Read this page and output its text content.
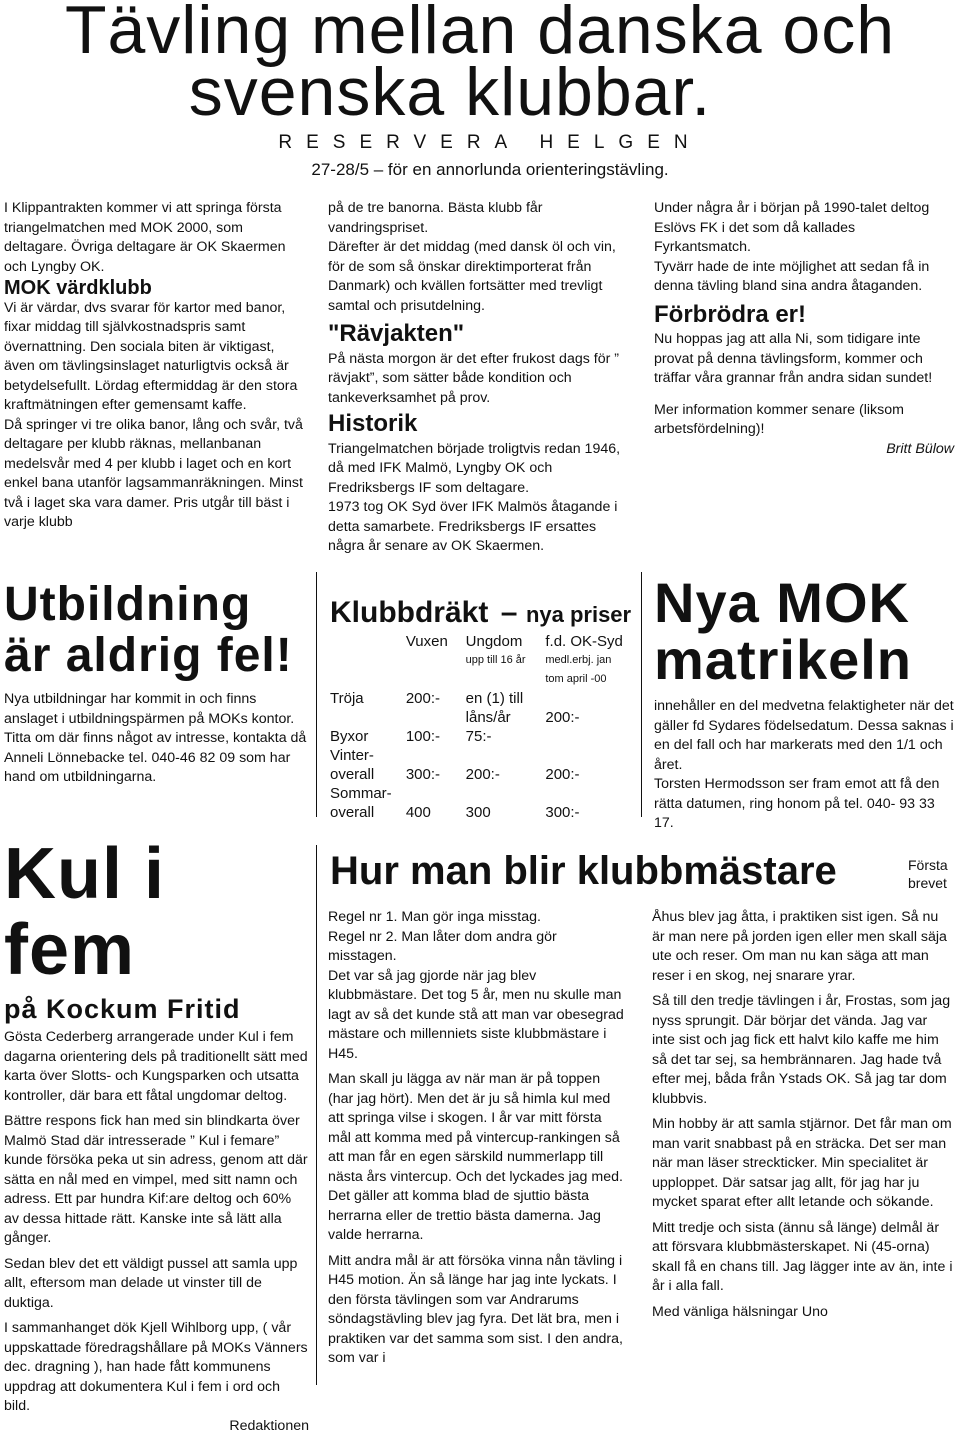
Tävling mellan danska och
svenska klubbar.
RESERVERA HELGEN
27-28/5 – för en annorlunda orienteringstävling.

I Klippantrakten kommer vi att springa första triangelmatchen med MOK 2000, som deltagare. Övriga deltagare är OK Skaermen och Lyngby OK.

MOK värdklubb

Vi är värdar, dvs svarar för kartor med banor, fixar middag till självkostnadspris samt övernattning. Den sociala biten är viktigast, även om tävlingsinslaget naturligtvis också är betydelsefullt. Lördag eftermiddag är den stora kraftmätningen efter gemensamt kaffe.

Då springer vi tre olika banor, lång och svår, två deltagare per klubb räknas, mellanbanan medelsvår med 4 per klubb i laget och en kort enkel bana utanför lagsammanräkningen. Minst två i laget ska vara damer. Pris utgår till bäst i varje klubb

på de tre banorna. Bästa klubb får vandringspriset.

Därefter är det middag (med dansk öl och vin, för de som så önskar direktimporterat från Danmark) och kvällen fortsätter med trevligt samtal och prisutdelning.

"Rävjakten"

På nästa morgon är det efter frukost dags för ” rävjakt”, som sätter både kondition och tankeverksamhet på prov.

Historik

Triangelmatchen började troligtvis redan 1946, då med IFK Malmö, Lyngby OK och Fredriksbergs IF som deltagare.

1973 tog OK Syd över IFK Malmös åtagande i detta samarbete. Fredriksbergs IF ersattes några år senare av OK Skaermen.

Under några år i början på 1990-talet deltog Eslövs FK i det som då kallades Fyrkantsmatch.

Tyvärr hade de inte möjlighet att sedan få in denna tävling bland sina andra åtaganden.

Förbrödra er!

Nu hoppas jag att alla Ni, som tidigare inte provat på denna tävlingsform, kommer och träffar våra grannar från andra sidan sundet!

Mer information kommer senare (liksom arbetsfördelning)!

Britt Bülow
Utbildning
är aldrig fel!

Nya utbildningar har kommit in och finns anslaget i utbildningspärmen på MOKs kontor.

Titta om där finns något av intresse, kontakta då Anneli Lönnebacke tel. 040-46 82 09 som har hand om utbildningarna.

Klubbdräkt – nya priser
	Vuxen	Ungdom	f.d. OK-Syd
		upp till 16 år	medl.erbj. jan tom april -00
Tröja	200:-	en (1) till låns/år	200:-
Byxor	100:-	75:-	
Vinter-overall	300:-	200:-	200:-
Sommar-overall	400	300	300:-
Nya MOK
matrikeln

innehåller en del medvetna felaktigheter när det gäller fd Sydares födelsedatum. Dessa saknas i en del fall och har markerats med den 1/1 och året.

Torsten Hermodsson ser fram emot att få den rätta datumen, ring honom på tel. 040- 93 33 17.

Kul i fem
på Kockum Fritid

Gösta Cederberg arrangerade under Kul i fem dagarna orientering dels på traditionellt sätt med karta över Slotts- och Kungsparken och utsatta kontroller, där bara ett fåtal ungdomar deltog.

Bättre respons fick han med sin blindkarta över Malmö Stad där intresserade ” Kul i femare” kunde försöka peka ut sin adress, genom att där sätta en nål med en vimpel, med sitt namn och adress. Ett par hundra Kif:are deltog och 60% av dessa hittade rätt. Kanske inte så lätt alla gånger.

Sedan blev det ett väldigt pussel att samla upp allt, eftersom man delade ut vinster till de duktiga.

I sammanhanget dök Kjell Wihlborg upp, ( vår uppskattade föredragshållare på MOKs Vänners dec. dragning ), han hade fått kommunens uppdrag att dokumentera Kul i fem i ord och bild.

Redaktionen
Hur man blir klubbmästare	Första brevet

Regel nr 1. Man gör inga misstag.

Regel nr 2. Man låter dom andra gör misstagen.

Det var så jag gjorde när jag blev klubbmästare. Det tog 5 år, men nu skulle man lagt av så det kunde stå att man var obesegrad mästare och millenniets siste klubbmästare i H45.

Man skall ju lägga av när man är på toppen (har jag hört). Men det är ju så himla kul med att springa vilse i skogen. I år var mitt första mål att komma med på vintercup-rankingen så att man får en egen särskild nummerlapp till nästa års vintercup. Och det lyckades jag med. Det gäller att komma blad de sjuttio bästa herrarna eller de trettio bästa damerna. Jag valde herrarna.

Mitt andra mål är att försöka vinna nån tävling i H45 motion. Än så länge har jag inte lyckats. I den första tävlingen som var Andrarums söndagstävling blev jag fyra. Det lät bra, men i praktiken var det samma som sist. I den andra, som var i

Åhus blev jag åtta, i praktiken sist igen. Så nu är man nere på jorden igen eller men skall säja ute och reser. Om man nu kan säga att man reser i en skog, nej snarare yrar.

Så till den tredje tävlingen i år, Frostas, som jag nyss sprungit. Där börjar det vända. Jag var inte sist och jag fick ett halvt kilo kaffe me him så det tar sej, sa hembrännaren. Jag hade två efter mej, båda från Ystads OK. Så jag tar dom klubbvis.

Min hobby är att samla stjärnor. Det får man om man varit snabbast på en sträcka. Det ser man när man läser streckticker. Min specialitet är upploppet. Där satsar jag allt, för jag har ju mycket sparat efter allt letande och sökande.

Mitt tredje och sista (ännu så länge) delmål är att försvara klubbmästerskapet. Ni (45-orna) skall få en chans till. Jag lägger inte av än, inte i år i alla fall.

Med vänliga hälsningar Uno
